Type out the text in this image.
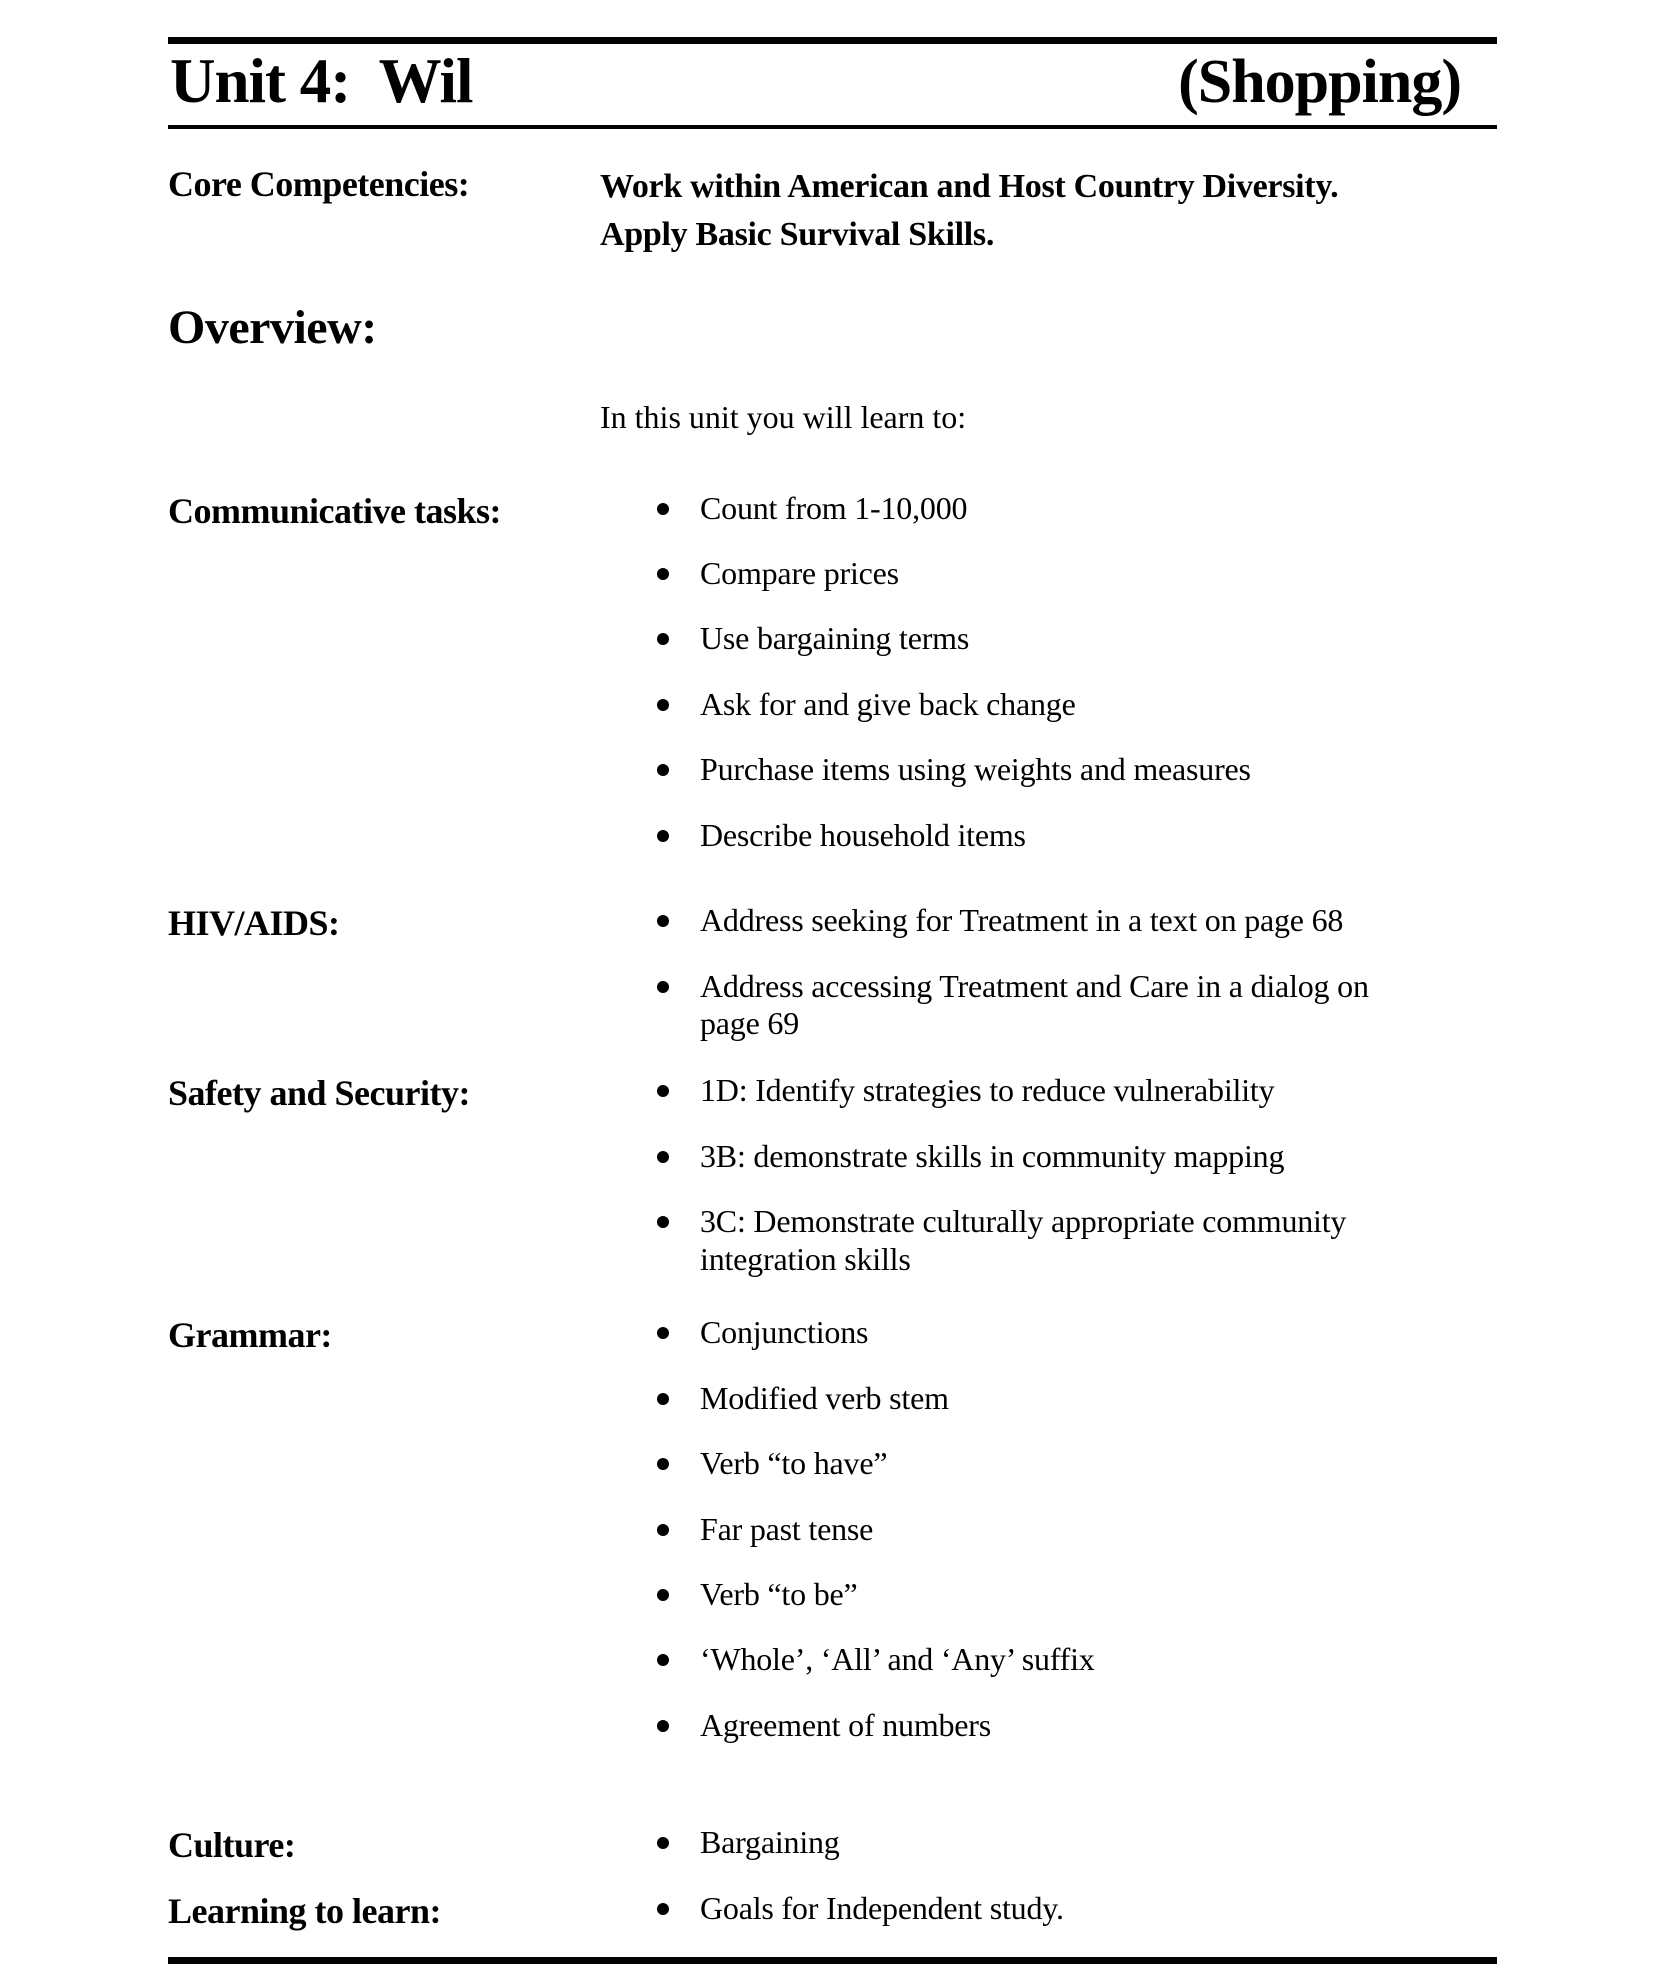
Unit 4:  Wil	(Shopping)
Core Competencies:	Work within American and Host Country Diversity.
Apply Basic Survival Skills.
Overview:
In this unit you will learn to:
Communicative tasks:	Count from 1-10,000
Compare prices
Use bargaining terms
Ask for and give back change
Purchase items using weights and measures
Describe household items
HIV/AIDS:	Address seeking for Treatment in a text on page 68
Address accessing Treatment and Care in a dialog on page 69
Safety and Security:	1D: Identify strategies to reduce vulnerability
3B: demonstrate skills in community mapping
3C: Demonstrate culturally appropriate community integration skills
Grammar:	Conjunctions
Modified verb stem
Verb “to have”
Far past tense
Verb “to be”
‘Whole’, ‘All’ and ‘Any’ suffix
Agreement of numbers
Culture:	Bargaining
Learning to learn:	Goals for Independent study.
